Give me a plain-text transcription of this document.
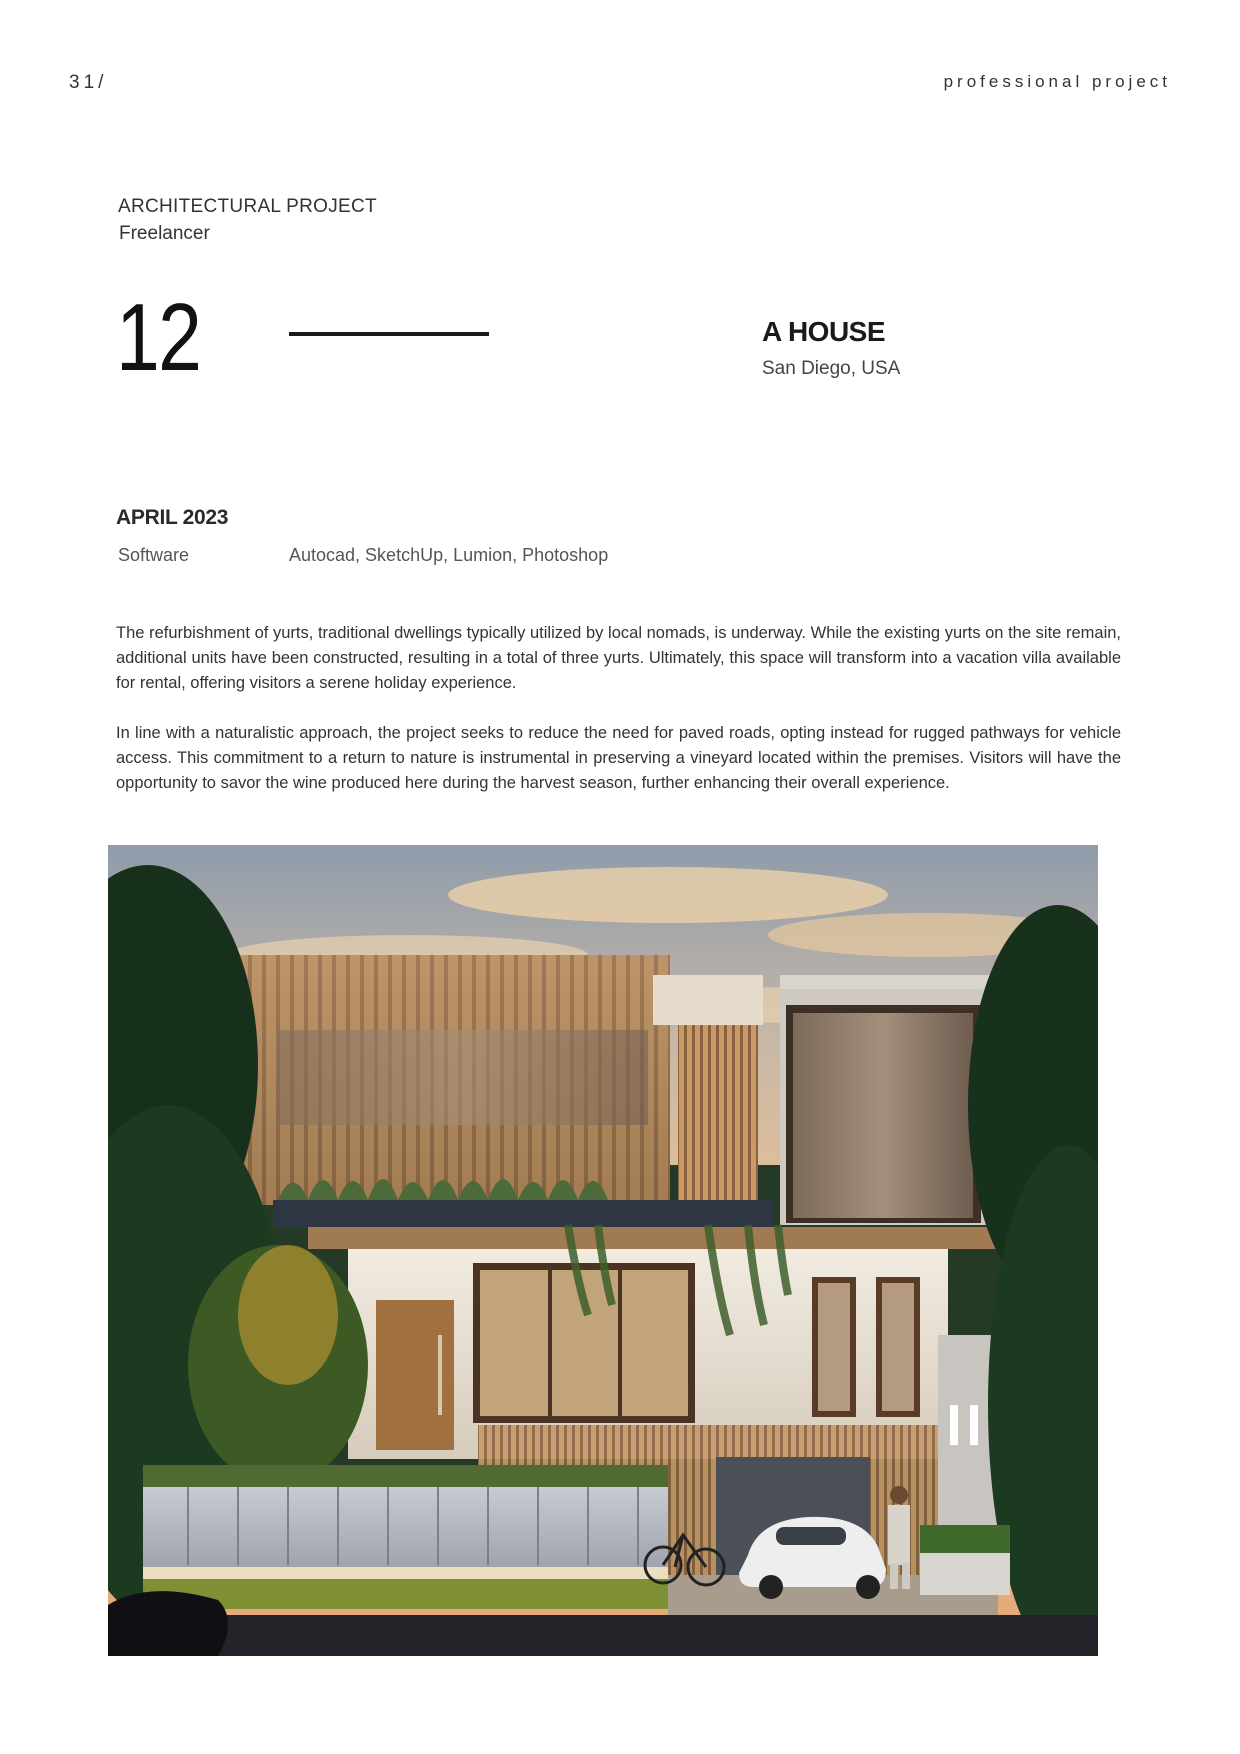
31/	professional project
ARCHITECTURAL PROJECT
Freelancer
12	A HOUSE
San Diego, USA
APRIL 2023
Software	Autocad, SketchUp, Lumion, Photoshop
The refurbishment of yurts, traditional dwellings typically utilized by local nomads, is underway. While the existing yurts on the site remain, additional units have been constructed, resulting in a total of three yurts. Ultimately, this space will transform into a vacation villa available for rental, offering visitors a serene holiday experience.
In line with a naturalistic approach, the project seeks to reduce the need for paved roads, opting instead for rugged pathways for vehicle access. This commitment to a return to nature is instrumental in preserving a vineyard located within the premises. Visitors will have the opportunity to savor the wine produced here during the harvest season, further enhancing their overall experience.
